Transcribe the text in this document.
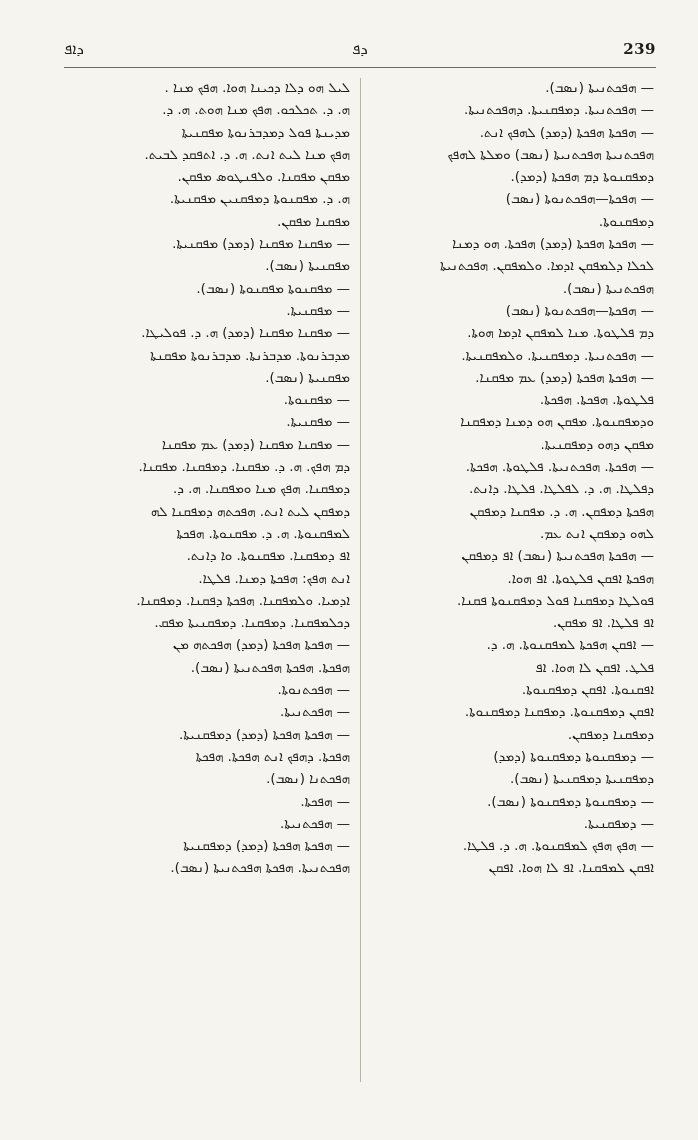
ܕܐܦ	ܕܦ	239
ܠܝܠ ܗܘ ܕܠܐ ܕܟܝܢܐ ܗܘܐ. ܗܦܟ ܡܢܐ .
ܗ. ܕ. ܬܟܠܟܘ. ܗܦܟ ܡܢܐ ܗܘܬ. ܗ. ܕ.
ܡܕܝܢܬܐ ܦܘܠ ܕܡܕܒܪܢܘܬܐ ܡܦܩܢܝܬܐ
ܗܦܟ ܡܢܐ ܠܝܬ ܐܢܬ. ܗ. ܕ. ܐܬܦܩܕ ܠܒܝܬ.
ܡܦܩܢ ܡܦܩܢܐ. ܘܠܦܢܛܘܣ ܡܦܩܢ.
ܗ. ܕ. ܡܦܩܢܘܬܐ ܕܡܦܩܢܝܢ ܡܦܩܢܝܬܐ.
ܡܦܩܢܐ ܡܦܩܢ.
— ܡܦܩܢܐ ܡܦܩܢܐ (ܕܡܕ) ܡܦܩܢܝܬܐ.
ܡܦܩܢܝܬܐ (ܢܣܒ).
— ܡܦܩܢܘܬܐ ܡܦܩܢܘܬܐ (ܢܣܒ).
— ܡܦܩܢܝܬܐ.
— ܡܦܩܢܐ ܡܦܩܢܐ (ܕܡܕ) ܗ. ܕ. ܦܘܠܝܛܐ.
ܡܕܒܪܢܘܬܐ. ܡܕܒܪܢܬܐ. ܡܕܒܪܢܘܬܐ ܡܦܩܢܬܐ
ܡܦܩܢܝܬܐ (ܢܣܒ).
— ܡܦܩܢܘܬܐ.
— ܡܦܩܢܝܬܐ.
— ܡܦܩܢܐ ܡܦܩܢܐ (ܕܡܕ) ܥܡ ܡܦܩܢܐ
ܕܡ ܗܦܟ. ܗ. ܕ. ܡܦܩܢܐ. ܕܡܦܩܢܐ. ܡܦܩܢܐ.
ܕܡܦܩܢܐ. ܗܦܟ ܡܢܐ ܘܡܦܩܢܐ. ܗ. ܕ.
ܕܡܦܩܢ ܠܝܬ ܐܢܬ. ܗܦܟܬܗ ܕܡܦܩܢܐ ܠܗ
ܠܡܦܩܢܘܬܐ. ܗ. ܕ. ܡܦܩܢܘܬܐ. ܗܦܟܬܐ
ܐܦ ܕܡܦܩܢܐ. ܡܦܩܢܘܬܐ. ܘܐ ܕܐܢܬ.
ܐܢܬ ܗܦܟ: ܗܦܟܬܐ ܕܡܢܐ. ܦܠܛܐ.
ܐܕܡܝܐ. ܘܠܡܦܩܢܐ. ܗܦܟܬܐ ܕܦܩܢܐ. ܕܡܦܩܢܐ.
ܕܟܠܡܦܩܢܐ. ܕܡܦܩܢܐ. ܕܡܦܩܢܝܬܐ ܡܦܩ.
— ܗܦܟܬܐ ܗܦܟܬܐ (ܕܡܕ) ܗܦܟܬܗ ܡܢ
ܗܦܟܬܐ. ܗܦܟܬܐ ܗܦܟܬܢܝܬܐ (ܢܣܒ).
— ܗܦܟܬܢܘܬܐ.
— ܗܦܟܬܢܝܬܐ.
— ܗܦܟܬܐ ܗܦܟܬܐ (ܕܡܕ) ܕܡܦܩܢܝܬܐ.
ܗܦܟܬܐ. ܕܗܦܟ ܐܢܬ ܗܦܟܬܐ. ܗܦܟܬܐ
ܗܦܟܬܢܐ (ܢܣܒ).
— ܗܦܟܬܐ.
— ܗܦܟܬܢܝܬܐ.
— ܗܦܟܬܐ ܗܦܟܬܐ (ܕܡܕ) ܕܡܦܩܢܝܬܐ
ܗܦܟܬܢܝܬܐ. ܗܦܟܬܐ ܗܦܟܬܢܝܬܐ (ܢܣܒ).
— ܗܦܟܬܢܝܬܐ (ܢܣܒ).
— ܗܦܟܬܢܝܬܐ. ܕܡܦܩܢܝܬܐ. ܕܗܦܟܬܢܝܬܐ.
— ܗܦܟܬܐ ܗܦܟܬܐ (ܕܡܕ) ܠܗܦܟ ܐܢܬ.
ܗܦܟܬܢܝܬܐ ܗܦܟܬܢܝܬܐ (ܢܣܒ) ܘܡܠܬܐ ܠܗܦܟ
ܕܡܦܩܢܘܬܐ ܕܡ ܗܦܟܬܐ (ܕܡܕ).
— ܗܦܟܬܐ—ܗܦܟܬܢܘܬܐ (ܢܣܒ)
ܕܡܦܩܢܘܬܐ.
— ܗܦܟܬܐ ܗܦܟܬܐ (ܕܡܕ) ܗܦܟܬܐ. ܗܘ ܕܡܢܐ
ܠܟܠܐ ܕܠܡܦܩܢ ܐܕܡܐ. ܘܠܡܦܩܢ. ܗܦܟܬܢܝܬܐ
ܗܦܟܬܢܝܬܐ (ܢܣܒ).
— ܗܦܟܬܐ—ܗܦܟܬܢܘܬܐ (ܢܣܒ)
ܕܡ ܦܠܛܘܬܐ. ܡܢܐ ܠܡܦܩܢ ܐܕܡܐ ܗܘܬܐ.
— ܗܦܟܬܢܝܬܐ. ܕܡܦܩܢܝܬܐ. ܘܠܡܦܩܢܝܬܐ.
— ܗܦܟܬܐ ܗܦܟܬܐ (ܕܡܕ) ܥܡ ܡܦܩܢܐ.
ܦܠܛܘܬܐ. ܗܦܟܬܐ. ܗܦܟܬܐ.
ܘܕܡܦܩܢܘܬܐ. ܡܦܩܢ ܗܘ ܕܡܢܐ ܕܡܦܩܢܐ
ܡܦܩܢ ܕܗܘ ܕܡܦܩܢܝܬܐ.
— ܗܦܟܬܐ. ܗܦܟܬܢܝܬܐ. ܦܠܛܘܬܐ. ܗܦܟܬܐ.
ܕܦܠܛܐ. ܗ. ܕ. ܠܦܠܛܐ. ܦܠܛܐ. ܕܐܢܬ.
ܗܦܟܬܐ ܕܡܦܩܢ. ܗ. ܕ. ܡܦܩܢܐ ܕܡܦܩܢ
ܠܗܘ ܕܡܦܩܢ ܐܢܬ ܥܡ.
— ܗܦܟܬܐ ܗܦܟܬܢܝܬܐ (ܢܣܒ) ܐܦ ܕܡܦܩܢ
ܗܦܟܬܐ ܐܦܩܢ ܦܠܛܘܬܐ. ܐܦ ܗܘܐ.
ܦܘܠܛܐ ܕܡܦܩܢܐ ܦܘܠ ܕܡܦܩܢܘܬܐ ܦܩܢܐ.
ܐܦ ܦܠܛܐ. ܐܦ ܡܦܩܢ.
— ܐܦܩܢ ܗܦܟܬܐ ܠܡܦܩܢܘܬܐ. ܗ. ܕ.
ܦܠܛ. ܐܦܩܢ ܠܐ ܗܘܐ. ܐܦ
ܐܦܩܢܘܬܐ. ܐܦܩܢ ܕܡܦܩܢܘܬܐ.
ܐܦܩܢ ܕܡܦܩܢܘܬܐ. ܕܡܦܩܢܐ ܕܡܦܩܢܘܬܐ.
ܕܡܦܩܢܐ ܕܡܦܩܢ.
— ܕܡܦܩܢܘܬܐ ܕܡܦܩܢܘܬܐ (ܕܡܕ)
ܕܡܦܩܢܝܬܐ ܕܡܦܩܢܝܬܐ (ܢܣܒ).
— ܕܡܦܩܢܘܬܐ ܕܡܦܩܢܘܬܐ (ܢܣܒ).
— ܕܡܦܩܢܝܬܐ.
— ܗܦܟ ܗܦܟ ܠܡܦܩܢܘܬܐ. ܗ. ܕ. ܦܠܛܐ.
ܐܦܩܢ ܠܡܦܩܢܐ. ܐܦ ܠܐ ܗܘܐ. ܐܦܩܢ
